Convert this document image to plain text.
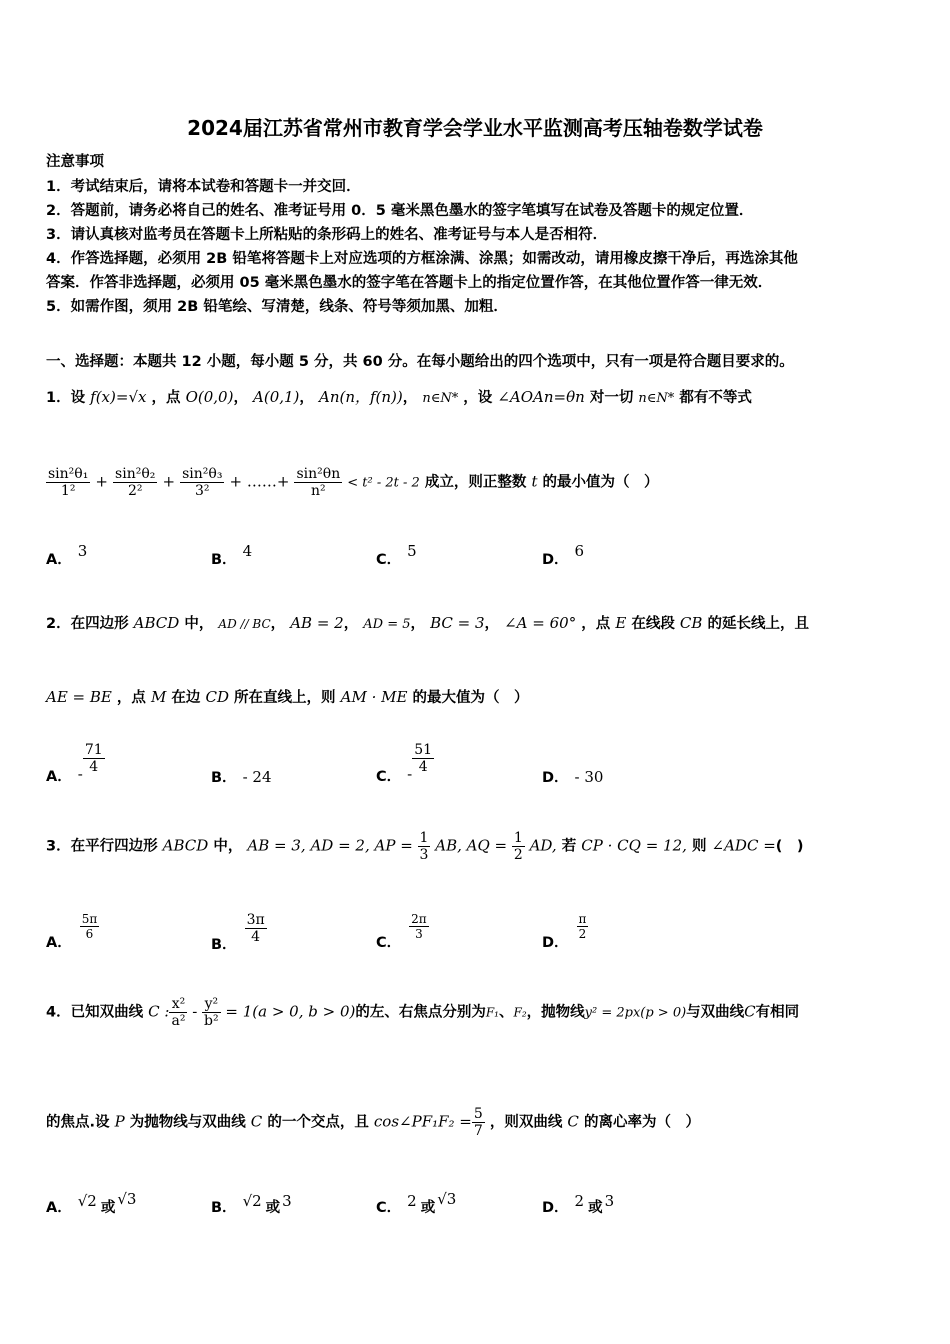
2024届江苏省常州市教育学会学业水平监测高考压轴卷数学试卷
注意事项
1．考试结束后，请将本试卷和答题卡一并交回．
2．答题前，请务必将自己的姓名、准考证号用 0．5 毫米黑色墨水的签字笔填写在试卷及答题卡的规定位置．
3．请认真核对监考员在答题卡上所粘贴的条形码上的姓名、准考证号与本人是否相符．
4．作答选择题，必须用 2B 铅笔将答题卡上对应选项的方框涂满、涂黑；如需改动，请用橡皮擦干净后，再选涂其他
答案．作答非选择题，必须用 05 毫米黑色墨水的签字笔在答题卡上的指定位置作答，在其他位置作答一律无效．
5．如需作图，须用 2B 铅笔绘、写清楚，线条、符号等须加黑、加粗．
一、选择题：本题共 12 小题，每小题 5 分，共 60 分。在每小题给出的四个选项中，只有一项是符合题目要求的。
1．设 f(x)=√x ，点 O(0,0)， A(0,1)， An(n，f(n))， n∈N* ，设 ∠AOAn=θn 对一切 n∈N* 都有不等式
$\frac{\text{sin²θ₁}}{\text{1²}} + \frac{\text{sin²θ₂}}{\text{2²}} + \frac{\text{sin²θ₃}}{\text{3²}}$ + ……+ $\frac{\text{sin²θn}}{\text{n²}} < t^2 - 2t - 2$ 成立，则正整数 t 的最小值为（　）
A． 3	B． 4	C． 5	D． 6
2．在四边形 ABCD 中， AD // BC， AB = 2， AD = 5， BC = 3， ∠A = 60° ，点 E 在线段 CB 的延长线上，且
AE = BE ，点 M 在边 CD 所在直线上，则 AM · ME 的最大值为（　）
A． - $\frac{71}{4}$
B． - 24	C． - $\frac{51}{4}$
D． - 30
3．在平行四边形 ABCD 中， AB = 3, AD = 2, AP = $\frac{1}{3}$ AB, AQ = $\frac{1}{2}$ AD, 若 CP · CQ = 12, 则 ∠ADC =(　)
A．
$\frac{5\pi}{6}$
B． $\frac{3\pi}{4}$	C．
$\frac{2\pi}{3}$
D．
$\frac{\pi}{2}$
4．已知双曲线 C : $\frac{\text{x²}}{\text{a²}} - \frac{\text{y²}}{\text{b²}} = 1(a > 0$, b > 0)的左、右焦点分别为F₁、F₂，抛物线y² = 2px(p > 0)与双曲线C有相同
的焦点.设 P 为抛物线与双曲线 C 的一个交点，且 cos∠PF₁F₂ = $\frac{5}{7}$ ，则双曲线 C 的离心率为（　）
A． √2 或 √3	B． √2 或 3	C． 2 或 √3	D． 2 或 3
